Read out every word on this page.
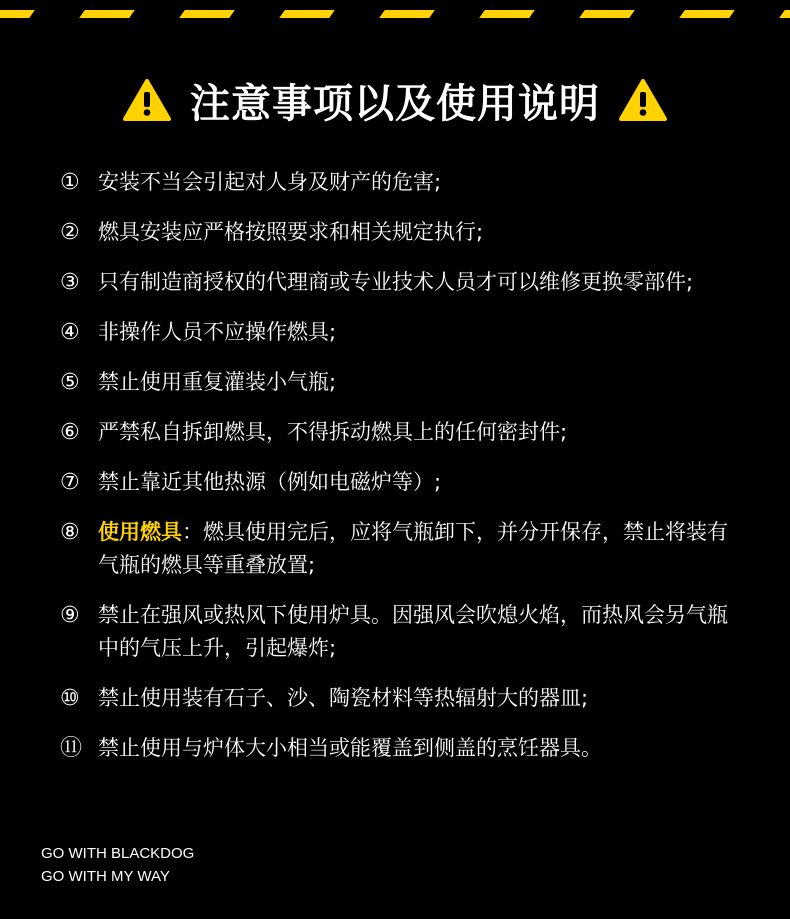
注意事项以及使用说明
① 安装不当会引起对人身及财产的危害;
② 燃具安装应严格按照要求和相关规定执行;
③ 只有制造商授权的代理商或专业技术人员才可以维修更换零部件;
④ 非操作人员不应操作燃具;
⑤ 禁止使用重复灌装小气瓶;
⑥ 严禁私自拆卸燃具，不得拆动燃具上的任何密封件;
⑦ 禁止靠近其他热源（例如电磁炉等）;
⑧ 使用燃具：燃具使用完后，应将气瓶卸下，并分开保存，禁止将装有气瓶的燃具等重叠放置;
⑨ 禁止在强风或热风下使用炉具。因强风会吹熄火焰，而热风会另气瓶中的气压上升，引起爆炸;
⑩ 禁止使用装有石子、沙、陶瓷材料等热辐射大的器皿;
⑪ 禁止使用与炉体大小相当或能覆盖到侧盖的烹饪器具。
GO WITH BLACKDOG
GO WITH MY WAY
